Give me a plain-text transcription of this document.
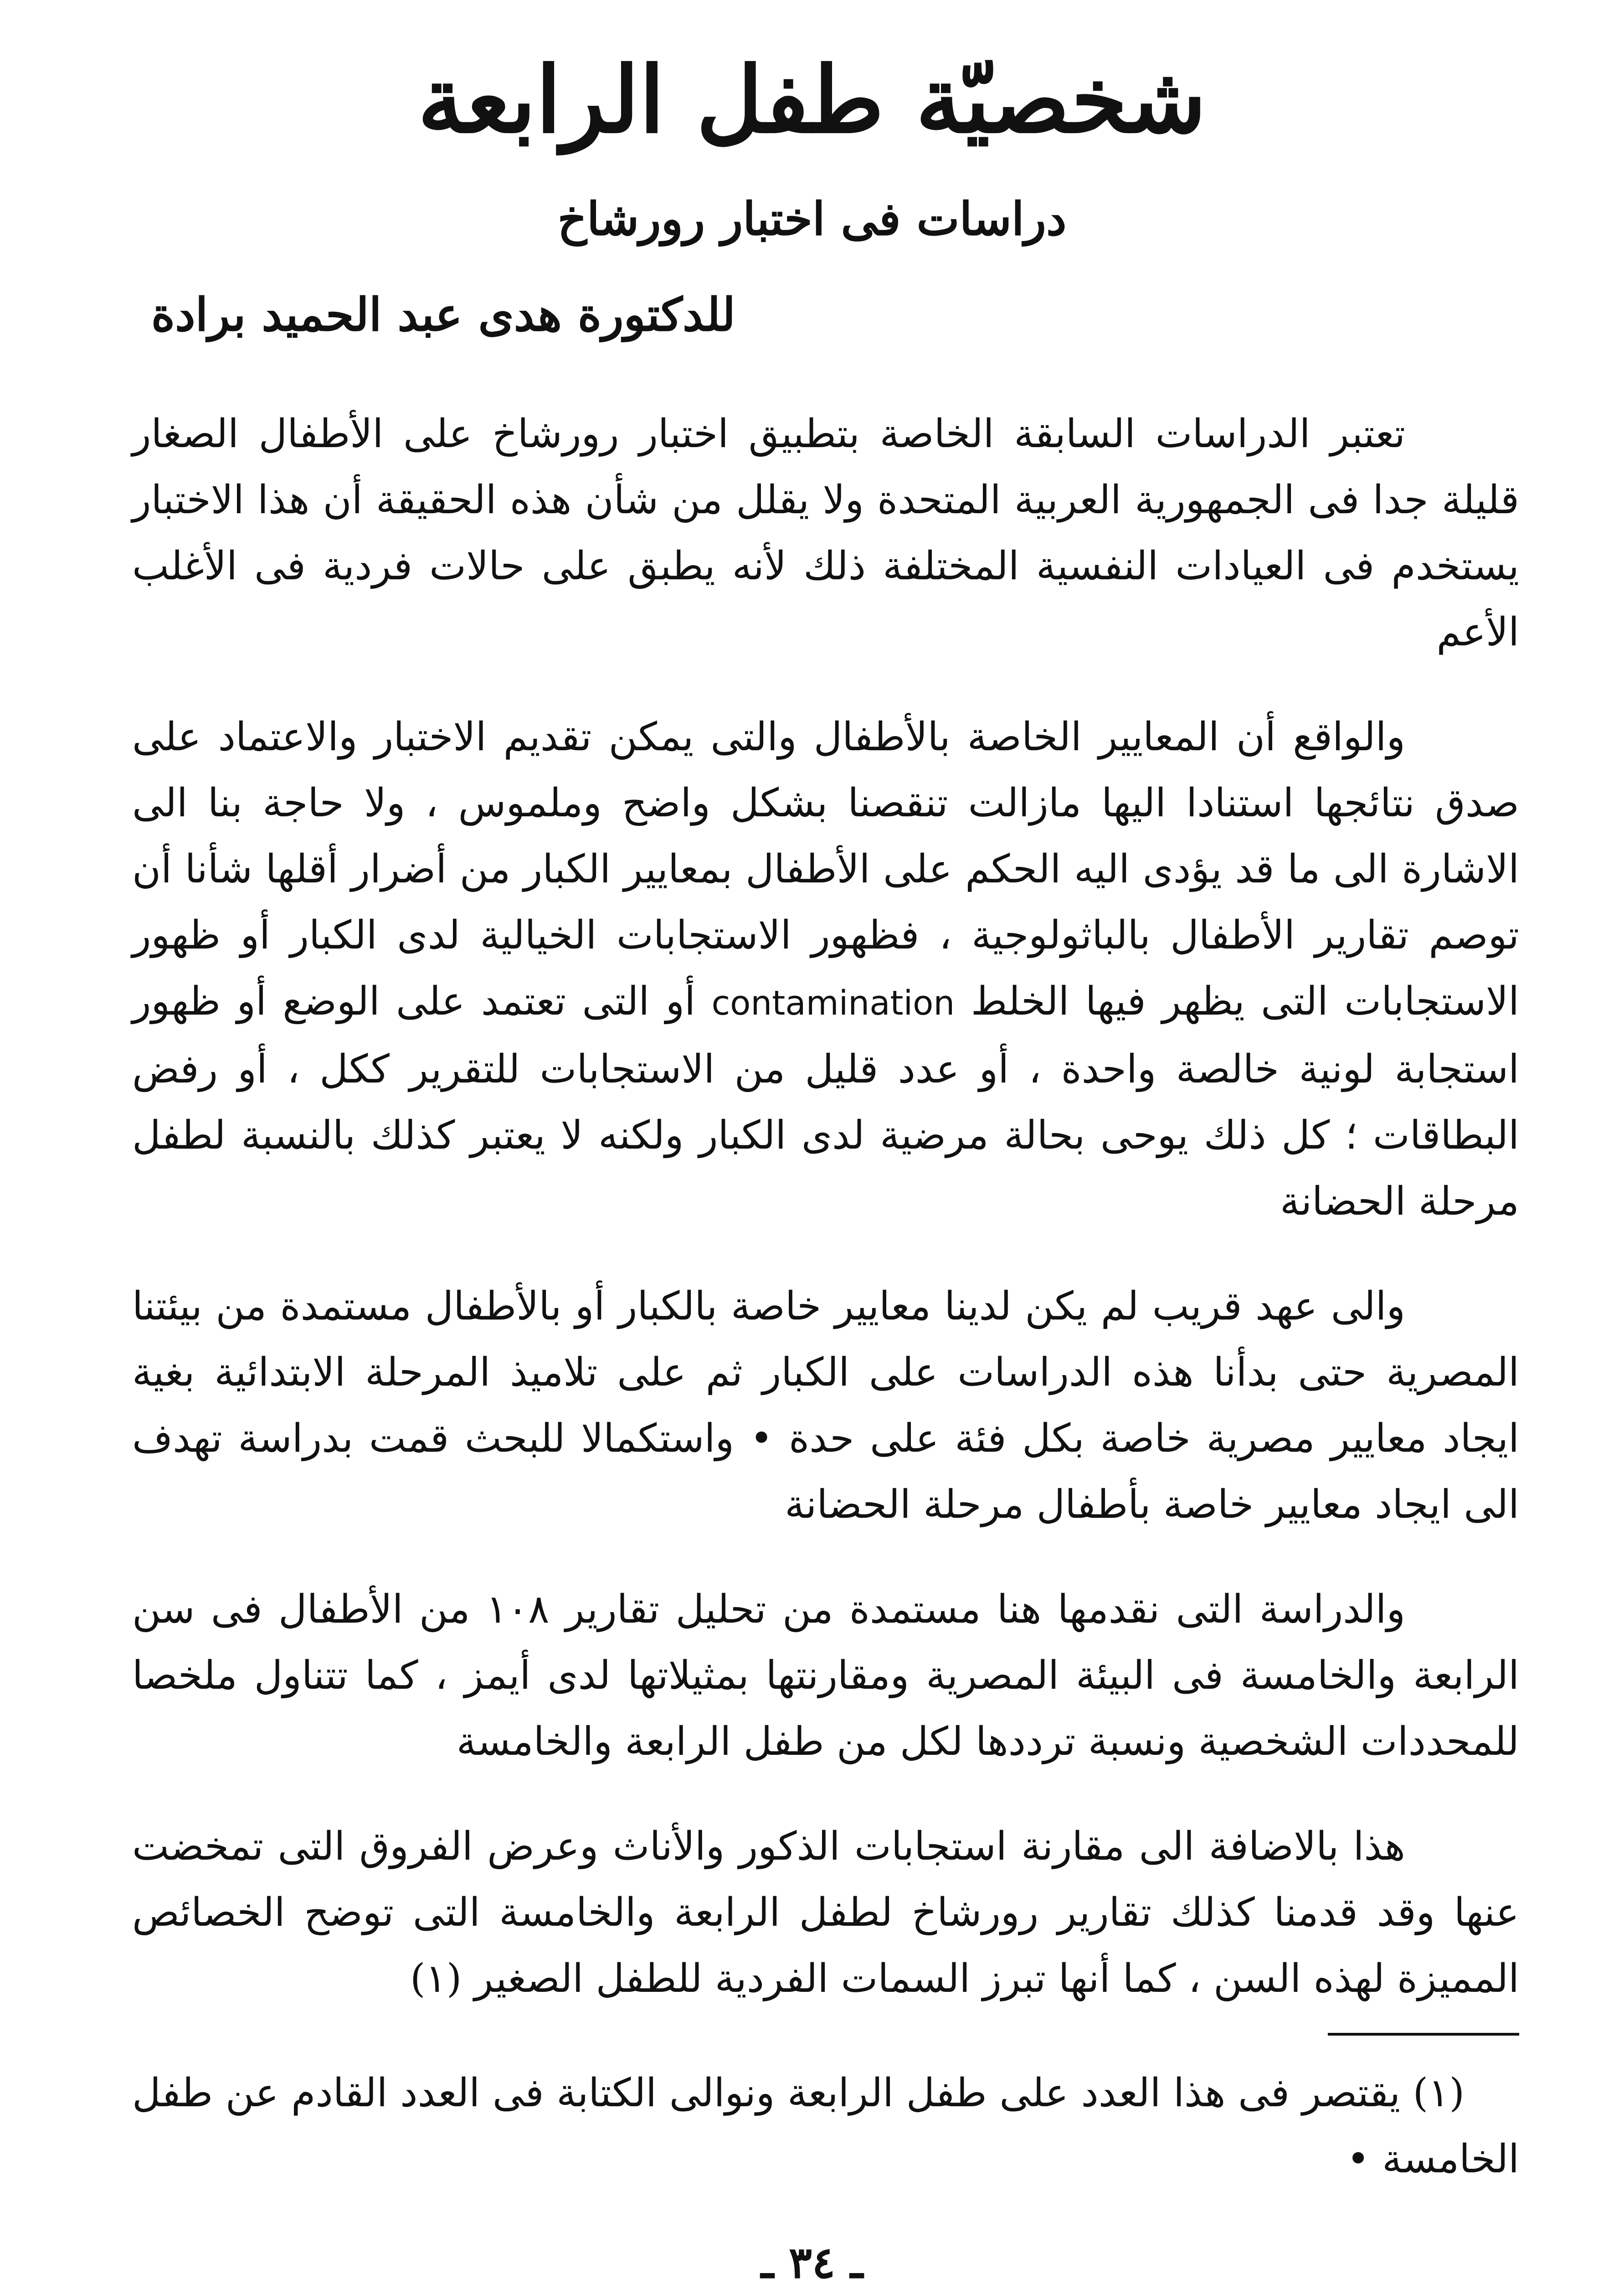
شخصيّة طفل الرابعة
دراسات فى اختبار رورشاخ
للدكتورة هدى عبد الحميد برادة

تعتبر الدراسات السابقة الخاصة بتطبيق اختبار رورشاخ على الأطفال الصغار قليلة جدا فى الجمهورية العربية المتحدة ولا يقلل من شأن هذه الحقيقة أن هذا الاختبار يستخدم فى العيادات النفسية المختلفة ذلك لأنه يطبق على حالات فردية فى الأغلب الأعم

والواقع أن المعايير الخاصة بالأطفال والتى يمكن تقديم الاختبار والاعتماد على صدق نتائجها استنادا اليها مازالت تنقصنا بشكل واضح وملموس ، ولا حاجة بنا الى الاشارة الى ما قد يؤدى اليه الحكم على الأطفال بمعايير الكبار من أضرار أقلها شأنا أن توصم تقارير الأطفال بالباثولوجية ، فظهور الاستجابات الخيالية لدى الكبار أو ظهور الاستجابات التى يظهر فيها الخلط contamination أو التى تعتمد على الوضع أو ظهور استجابة لونية خالصة واحدة ، أو عدد قليل من الاستجابات للتقرير ككل ، أو رفض البطاقات ؛ كل ذلك يوحى بحالة مرضية لدى الكبار ولكنه لا يعتبر كذلك بالنسبة لطفل مرحلة الحضانة

والى عهد قريب لم يكن لدينا معايير خاصة بالكبار أو بالأطفال مستمدة من بيئتنا المصرية حتى بدأنا هذه الدراسات على الكبار ثم على تلاميذ المرحلة الابتدائية بغية ايجاد معايير مصرية خاصة بكل فئة على حدة • واستكمالا للبحث قمت بدراسة تهدف الى ايجاد معايير خاصة بأطفال مرحلة الحضانة

والدراسة التى نقدمها هنا مستمدة من تحليل تقارير ١٠٨ من الأطفال فى سن الرابعة والخامسة فى البيئة المصرية ومقارنتها بمثيلاتها لدى أيمز ، كما تتناول ملخصا للمحددات الشخصية ونسبة ترددها لكل من طفل الرابعة والخامسة

هذا بالاضافة الى مقارنة استجابات الذكور والأناث وعرض الفروق التى تمخضت عنها وقد قدمنا كذلك تقارير رورشاخ لطفل الرابعة والخامسة التى توضح الخصائص المميزة لهذه السن ، كما أنها تبرز السمات الفردية للطفل الصغير (١)

(١) يقتصر فى هذا العدد على طفل الرابعة ونوالى الكتابة فى العدد القادم عن طفل الخامسة •

ـ ٣٤ ـ
